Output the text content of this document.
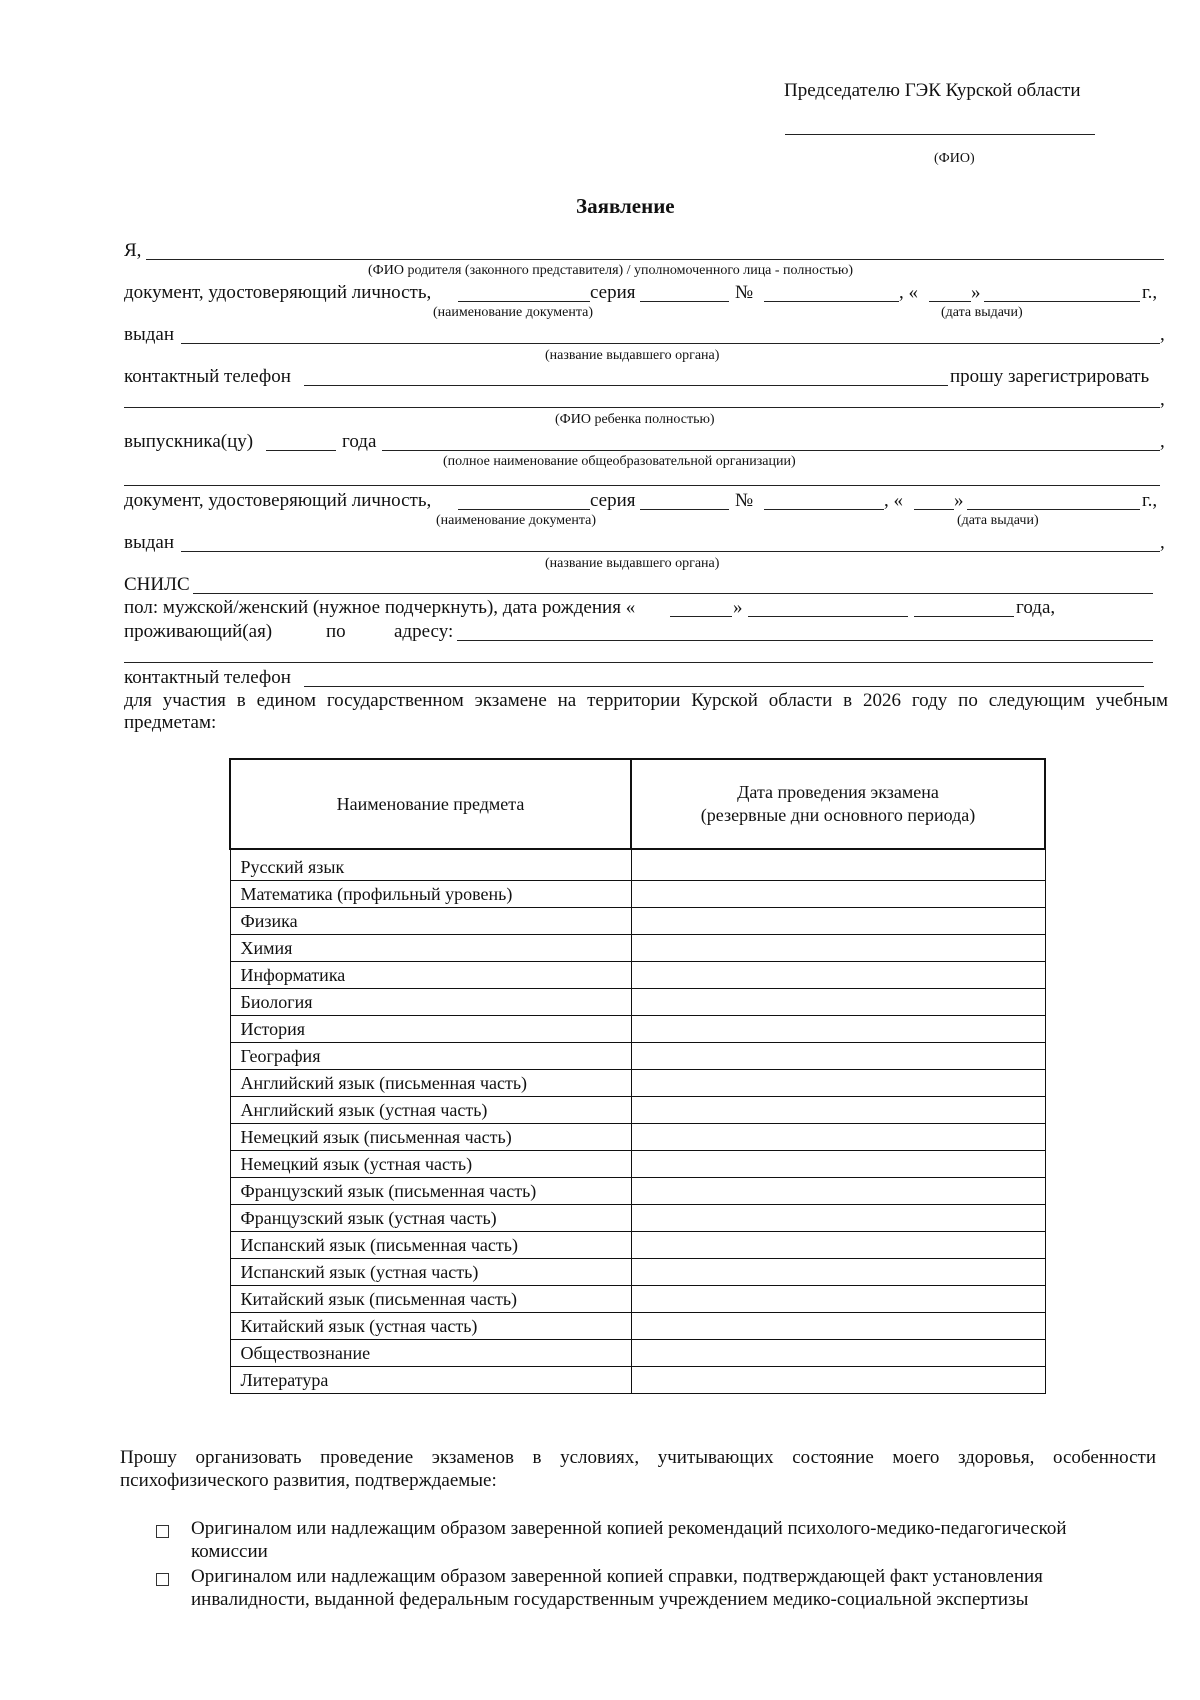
Председателю ГЭК Курской области
(ФИО)
Заявление
Я,
(ФИО родителя (законного представителя) / уполномоченного лица - полностью)
документ, удостоверяющий личность,	серия	№	, «	»	г.,
(наименование документа)	(дата выдачи)
выдан	,
(название выдавшего органа)
контактный телефон	прошу зарегистрировать
,
(ФИО ребенка полностью)
выпускника(цу)	года	,
(полное наименование общеобразовательной организации)
документ, удостоверяющий личность,	серия	№	, «	»	г.,
(наименование документа)	(дата выдачи)
выдан	,
(название выдавшего органа)
СНИЛС
пол: мужской/женский (нужное подчеркнуть), дата рождения «	»	года,
проживающий(ая)	по	адресу:
контактный телефон
для участия в едином государственном экзамене на территории Курской области в 2026 году по следующим учебным
предметам:
Наименование предмета	Дата проведения экзамена
(резервные дни основного периода)
Русский язык	
Математика (профильный уровень)	
Физика	
Химия	
Информатика	
Биология	
История	
География	
Английский язык (письменная часть)	
Английский язык (устная часть)	
Немецкий язык (письменная часть)	
Немецкий язык (устная часть)	
Французский язык (письменная часть)	
Французский язык (устная часть)	
Испанский язык (письменная часть)	
Испанский язык (устная часть)	
Китайский язык (письменная часть)	
Китайский язык (устная часть)	
Обществознание	
Литература	
Прошу организовать проведение экзаменов в условиях, учитывающих состояние моего здоровья, особенности
психофизического развития, подтверждаемые:
Оригиналом или надлежащим образом заверенной копией рекомендаций психолого-медико-педагогической
комиссии
Оригиналом или надлежащим образом заверенной копией справки, подтверждающей факт установления
инвалидности, выданной федеральным государственным учреждением медико-социальной экспертизы
